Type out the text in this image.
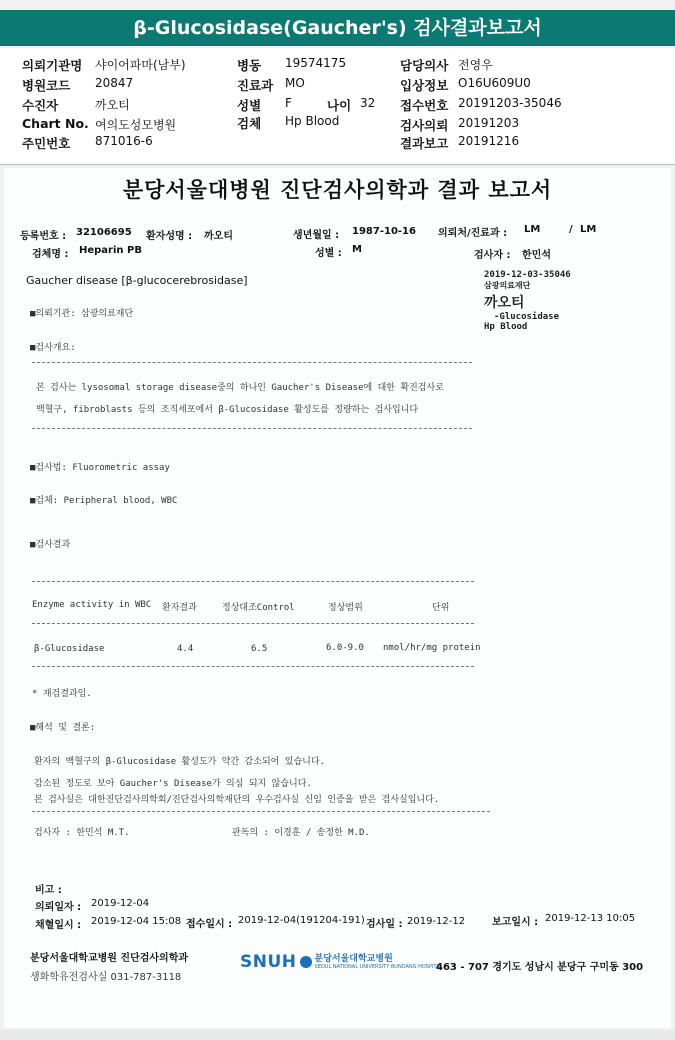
β-Glucosidase(Gaucher's) 검사결과보고서
의뢰기관명 샤이어파마(남부)	병동 19574175	담당의사 전영우
병원코드 20847	진료과 MO	입상정보 O16U609U0
수진자	까오티	성별 F	나이 32 접수번호 20191203-35046
Chart No. 여의도성모병원	검체 Hp Blood	검사의뢰 20191203
주민번호 871016-6	결과보고 20191216
분당서울대병원 진단검사의학과 결과 보고서
등록번호 : 32106695 환자성명 : 까오티	생년월일 : 1987-10-16 의뢰처/진료과 : LM	/ LM
검체명 : Heparin PB	성별 : M
검사자 : 한민석
Gaucher disease [β-glucocerebrosidase]	2019-12-03-35046
삼광의료재단
까오티
-Glucosidase
Hp Blood
■의뢰기관: 삼광의료재단
■검사개요:
본 검사는 lysosomal storage disease중의 하나인 Gaucher's Disease에 대한 확진검사로
백혈구, fibroblasts 등의 조직세포에서 β-Glucosidase 활성도를 정량하는 검사입니다
■검사법: Fluorometric assay
■검체: Peripheral blood, WBC
■검사결과
Enzyme activity in WBC 환자결과	정상대조Control	정상범위	단위
β-Glucosidase	4.4	6.5	6.0-9.0 nmol/hr/mg protein
* 재검결과임.
■해석 및 결론:
환자의 백혈구의 β-Glucosidase 활성도가 약간 감소되어 있습니다.
감소된 정도로 보아 Gaucher's Disease가 의심 되지 않습니다.
본 검사실은 대한진단검사의학회/진단검사의학재단의 우수검사실 신임 인증을 받은 검사실입니다.
검사자 : 한민석 M.T.	판독의 : 이경훈 / 송정한 M.D.
비고 :
의뢰일자 : 2019-12-04
채혈일시 : 2019-12-04 15:08 접수일시 : 2019-12-04(191204-191) 검사일 : 2019-12-12	보고일시 : 2019-12-13 10:05
분당서울대학교병원 진단검사의학과
생화학유전검사실 031-787-3118
SNUH 분당서울대학교병원
SEOUL NATIONAL UNIVERSITY BUNDANG HOSPITAL
463 - 707 경기도 성남시 분당구 구미동 300
